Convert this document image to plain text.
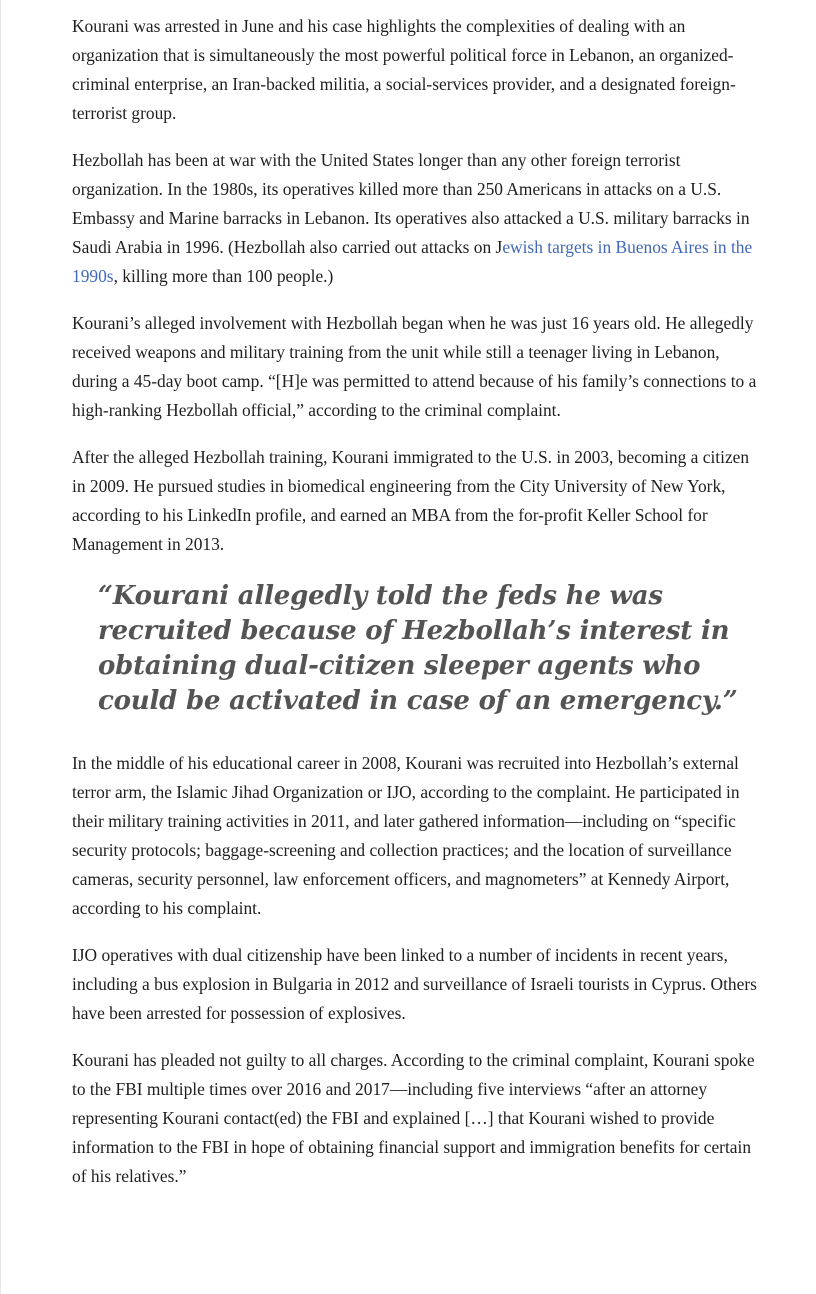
Kourani was arrested in June and his case highlights the complexities of dealing with an organization that is simultaneously the most powerful political force in Lebanon, an organized-criminal enterprise, an Iran-backed militia, a social-services provider, and a designated foreign-terrorist group.

Hezbollah has been at war with the United States longer than any other foreign terrorist organization. In the 1980s, its operatives killed more than 250 Americans in attacks on a U.S. Embassy and Marine barracks in Lebanon. Its operatives also attacked a U.S. military barracks in Saudi Arabia in 1996. (Hezbollah also carried out attacks on Jewish targets in Buenos Aires in the 1990s, killing more than 100 people.)

Kourani’s alleged involvement with Hezbollah began when he was just 16 years old. He allegedly received weapons and military training from the unit while still a teenager living in Lebanon, during a 45-day boot camp. “[H]e was permitted to attend because of his family’s connections to a high-ranking Hezbollah official,” according to the criminal complaint.

After the alleged Hezbollah training, Kourani immigrated to the U.S. in 2003, becoming a citizen in 2009. He pursued studies in biomedical engineering from the City University of New York, according to his LinkedIn profile, and earned an MBA from the for-profit Keller School for Management in 2013.

“Kourani allegedly told the feds he was recruited because of Hezbollah’s interest in obtaining dual-citizen sleeper agents who could be activated in case of an emergency.”

In the middle of his educational career in 2008, Kourani was recruited into Hezbollah’s external terror arm, the Islamic Jihad Organization or IJO, according to the complaint. He participated in their military training activities in 2011, and later gathered information—including on “specific security protocols; baggage-screening and collection practices; and the location of surveillance cameras, security personnel, law enforcement officers, and magnometers” at Kennedy Airport, according to his complaint.

IJO operatives with dual citizenship have been linked to a number of incidents in recent years, including a bus explosion in Bulgaria in 2012 and surveillance of Israeli tourists in Cyprus. Others have been arrested for possession of explosives.

Kourani has pleaded not guilty to all charges. According to the criminal complaint, Kourani spoke to the FBI multiple times over 2016 and 2017—including five interviews “after an attorney representing Kourani contact(ed) the FBI and explained […] that Kourani wished to provide information to the FBI in hope of obtaining financial support and immigration benefits for certain of his relatives.”
